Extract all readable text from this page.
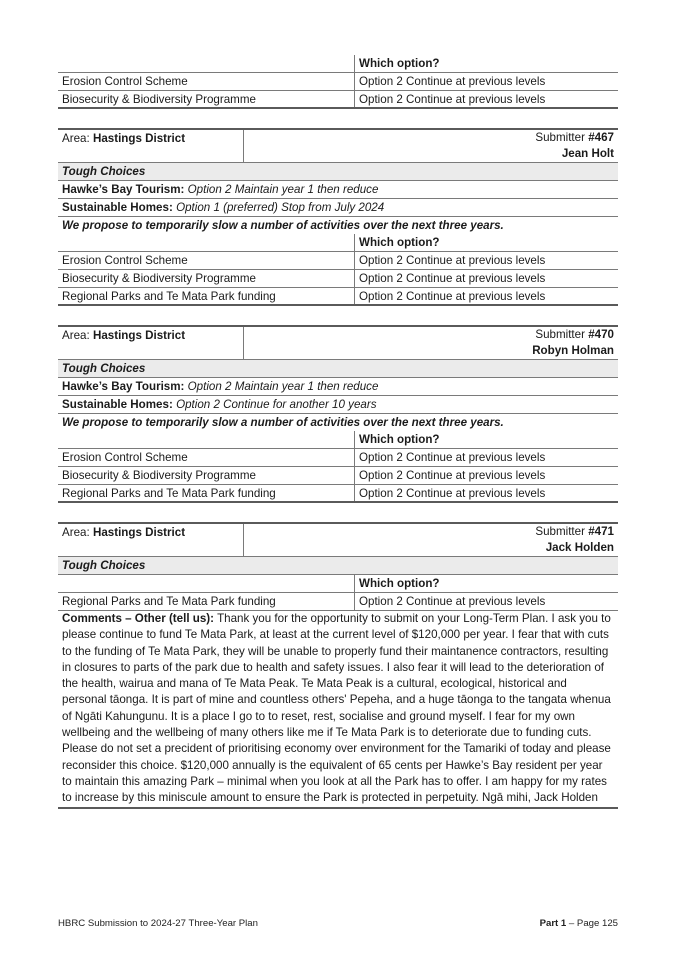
Which option?
Erosion Control Scheme	Option 2 Continue at previous levels
Biosecurity & Biodiversity Programme	Option 2 Continue at previous levels
Area: Hastings District	Submitter #467
Jean Holt
Tough Choices
Hawke’s Bay Tourism: Option 2 Maintain year 1 then reduce
Sustainable Homes: Option 1 (preferred) Stop from July 2024
We propose to temporarily slow a number of activities over the next three years.
Which option?
Erosion Control Scheme	Option 2 Continue at previous levels
Biosecurity & Biodiversity Programme	Option 2 Continue at previous levels
Regional Parks and Te Mata Park funding	Option 2 Continue at previous levels
Area: Hastings District	Submitter #470
Robyn Holman
Tough Choices
Hawke’s Bay Tourism: Option 2 Maintain year 1 then reduce
Sustainable Homes: Option 2 Continue for another 10 years
We propose to temporarily slow a number of activities over the next three years.
Which option?
Erosion Control Scheme	Option 2 Continue at previous levels
Biosecurity & Biodiversity Programme	Option 2 Continue at previous levels
Regional Parks and Te Mata Park funding	Option 2 Continue at previous levels
Area: Hastings District	Submitter #471
Jack Holden
Tough Choices
Which option?
Regional Parks and Te Mata Park funding	Option 2 Continue at previous levels
Comments – Other (tell us): Thank you for the opportunity to submit on your Long-Term Plan. I ask you to please continue to fund Te Mata Park, at least at the current level of $120,000 per year. I fear that with cuts to the funding of Te Mata Park, they will be unable to properly fund their maintanence contractors, resulting in closures to parts of the park due to health and safety issues. I also fear it will lead to the deterioration of the health, wairua and mana of Te Mata Peak. Te Mata Peak is a cultural, ecological, historical and personal tāonga. It is part of mine and countless others' Pepeha, and a huge tāonga to the tangata whenua of Ngāti Kahungunu. It is a place I go to to reset, rest, socialise and ground myself. I fear for my own wellbeing and the wellbeing of many others like me if Te Mata Park is to deteriorate due to funding cuts. Please do not set a precident of prioritising economy over environment for the Tamariki of today and please reconsider this choice. $120,000 annually is the equivalent of 65 cents per Hawke’s Bay resident per year to maintain this amazing Park – minimal when you look at all the Park has to offer. I am happy for my rates to increase by this miniscule amount to ensure the Park is protected in perpetuity. Ngā mihi, Jack Holden
HBRC Submission to 2024-27 Three-Year Plan	Part 1 – Page 125
